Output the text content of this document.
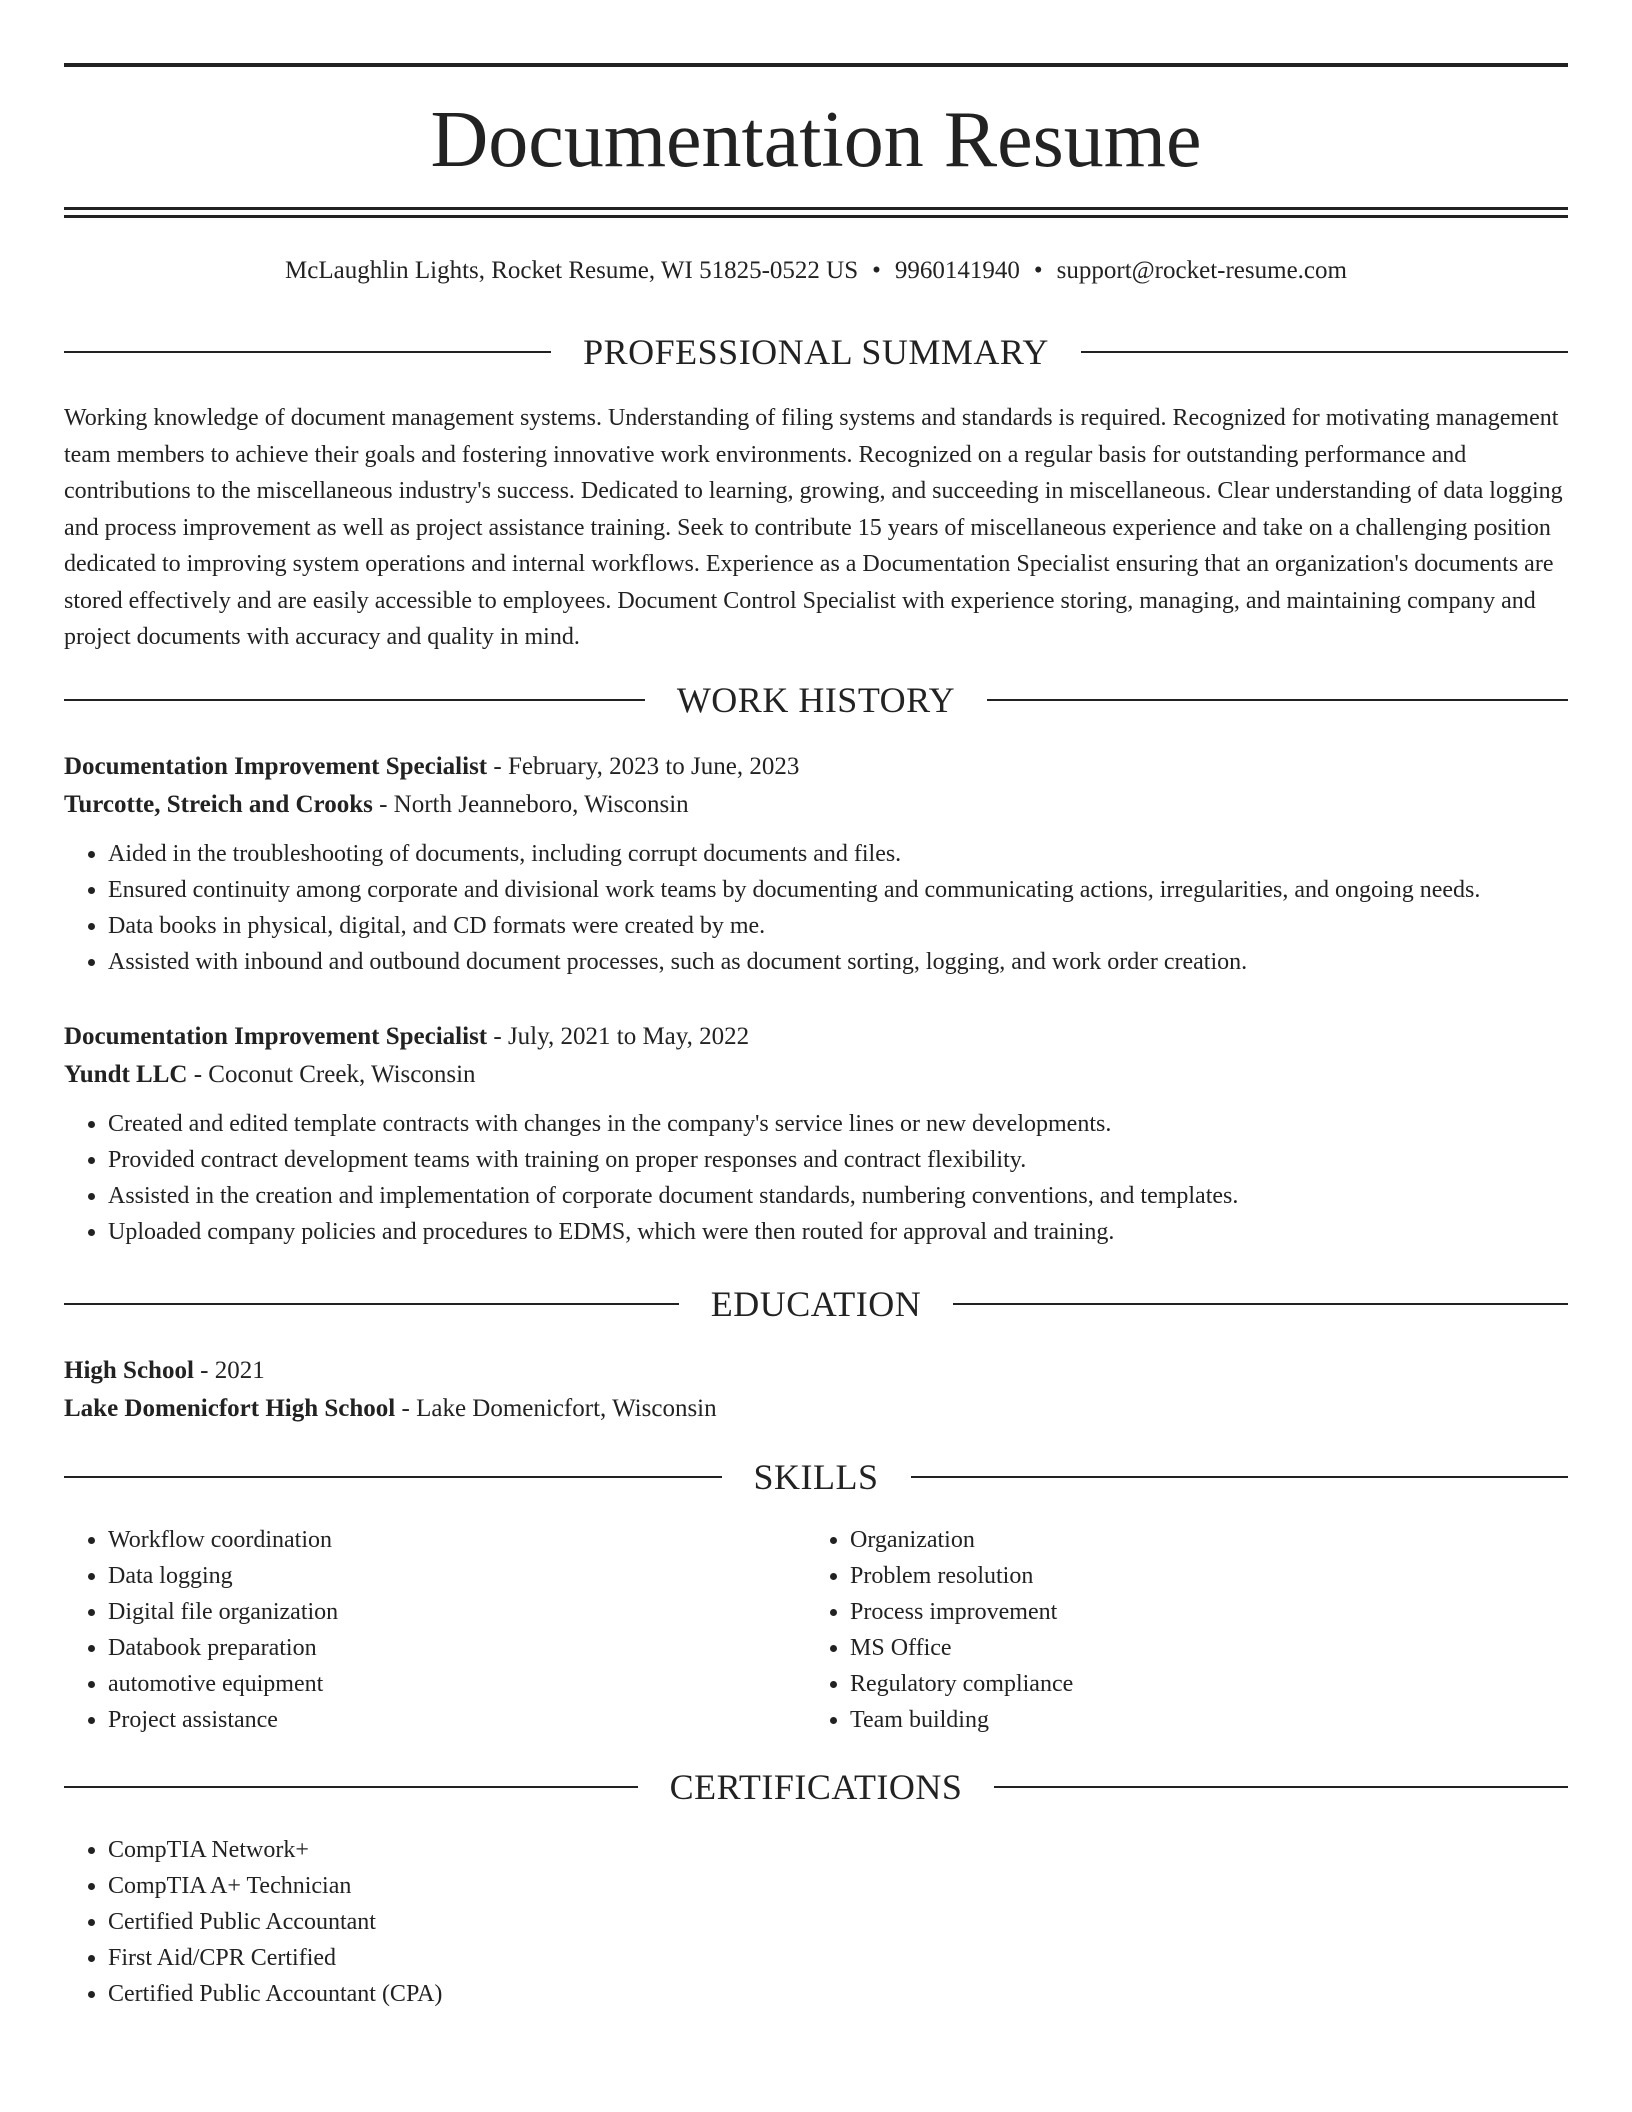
Documentation Resume
McLaughlin Lights, Rocket Resume, WI 51825-0522 US • 9960141940 • support@rocket-resume.com
PROFESSIONAL SUMMARY

Working knowledge of document management systems. Understanding of filing systems and standards is required. Recognized for motivating management team members to achieve their goals and fostering innovative work environments. Recognized on a regular basis for outstanding performance and contributions to the miscellaneous industry's success. Dedicated to learning, growing, and succeeding in miscellaneous. Clear understanding of data logging and process improvement as well as project assistance training. Seek to contribute 15 years of miscellaneous experience and take on a challenging position dedicated to improving system operations and internal workflows. Experience as a Documentation Specialist ensuring that an organization's documents are stored effectively and are easily accessible to employees. Document Control Specialist with experience storing, managing, and maintaining company and project documents with accuracy and quality in mind.

WORK HISTORY
Documentation Improvement Specialist - February, 2023 to June, 2023
Turcotte, Streich and Crooks - North Jeanneboro, Wisconsin
• Aided in the troubleshooting of documents, including corrupt documents and files.
• Ensured continuity among corporate and divisional work teams by documenting and communicating actions, irregularities, and ongoing needs.
• Data books in physical, digital, and CD formats were created by me.
• Assisted with inbound and outbound document processes, such as document sorting, logging, and work order creation.
Documentation Improvement Specialist - July, 2021 to May, 2022
Yundt LLC - Coconut Creek, Wisconsin
• Created and edited template contracts with changes in the company's service lines or new developments.
• Provided contract development teams with training on proper responses and contract flexibility.
• Assisted in the creation and implementation of corporate document standards, numbering conventions, and templates.
• Uploaded company policies and procedures to EDMS, which were then routed for approval and training.
EDUCATION
High School - 2021
Lake Domenicfort High School - Lake Domenicfort, Wisconsin
SKILLS
• Workflow coordination
• Data logging
• Digital file organization
• Databook preparation
• automotive equipment
• Project assistance
• Organization
• Problem resolution
• Process improvement
• MS Office
• Regulatory compliance
• Team building
CERTIFICATIONS
• CompTIA Network+
• CompTIA A+ Technician
• Certified Public Accountant
• First Aid/CPR Certified
• Certified Public Accountant (CPA)
